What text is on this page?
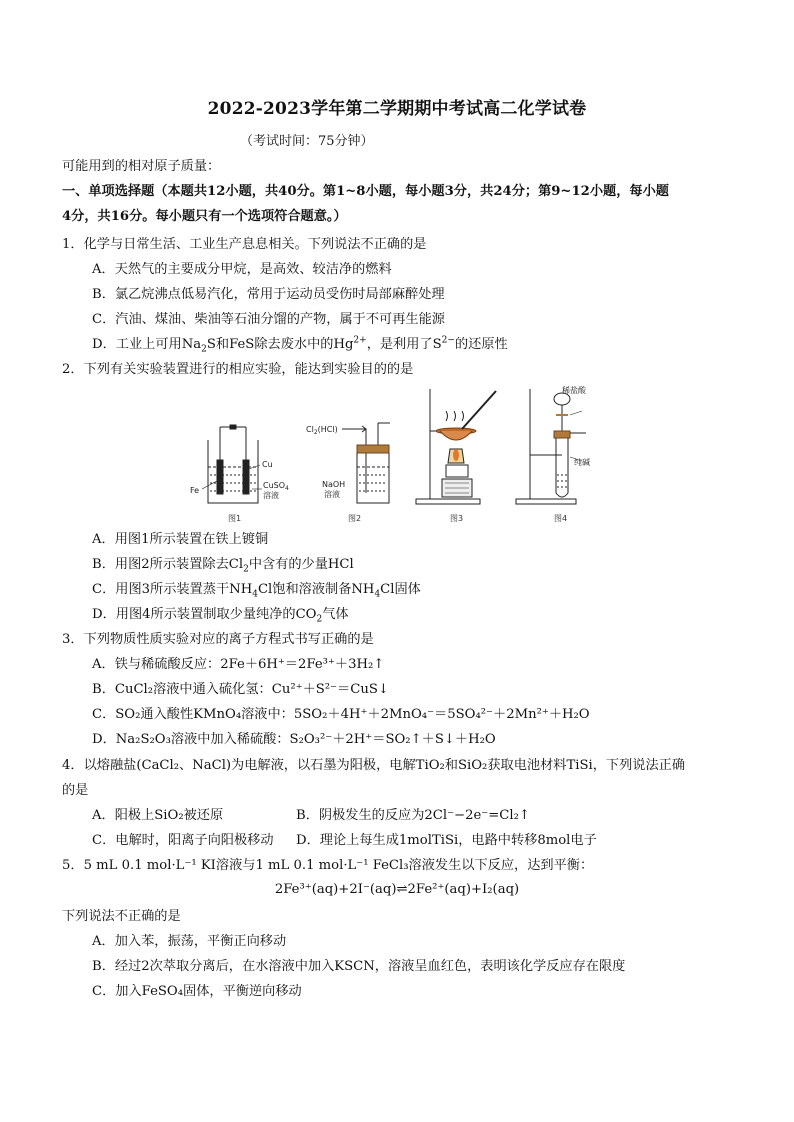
2022-2023学年第二学期期中考试高二化学试卷
（考试时间：75分钟）
可能用到的相对原子质量：
一、单项选择题（本题共12小题，共40分。第1~8小题，每小题3分，共24分；第9~12小题，每小题
4分，共16分。每小题只有一个选项符合题意。）
1．化学与日常生活、工业生产息息相关。下列说法不正确的是
A．天然气的主要成分甲烷，是高效、较洁净的燃料
B．氯乙烷沸点低易汽化，常用于运动员受伤时局部麻醉处理
C．汽油、煤油、柴油等石油分馏的产物，属于不可再生能源
D．工业上可用$Na_2S$和FeS除去废水中的$Hg^{2+}$，是利用了$S^{2-}$的还原性
2．下列有关实验装置进行的相应实验，能达到实验目的的是
Fe
Cu
CuSO$_4$
溶液
图1
$Cl_2(HCl)$
NaOH
溶液
图2	图3
稀盐酸
纯碱
图4
A．用图1所示装置在铁上镀铜
B．用图2所示装置除去$Cl_2$中含有的少量HCl
C．用图3所示装置蒸干$NH_4Cl$饱和溶液制备$NH_4Cl$固体
D．用图4所示装置制取少量纯净的$CO_2$气体
3．下列物质性质实验对应的离子方程式书写正确的是
A．铁与稀硫酸反应：2Fe＋6H⁺＝2Fe³⁺＋3H₂↑
B．CuCl₂溶液中通入硫化氢：Cu²⁺＋S²⁻＝CuS↓
C．SO₂通入酸性KMnO₄溶液中：5SO₂＋4H⁺＋2MnO₄⁻＝5SO₄²⁻＋2Mn²⁺＋H₂O
D．Na₂S₂O₃溶液中加入稀硫酸：S₂O₃²⁻＋2H⁺＝SO₂↑＋S↓＋H₂O
4．以熔融盐(CaCl₂、NaCl)为电解液，以石墨为阳极，电解TiO₂和SiO₂获取电池材料TiSi，下列说法正确
的是
A．阳极上SiO₂被还原	B．阴极发生的反应为2Cl⁻−2e⁻=Cl₂↑
C．电解时，阳离子向阳极移动 D．理论上每生成1molTiSi，电路中转移8mol电子
5．5 mL 0.1 mol·L⁻¹ KI溶液与1 mL 0.1 mol·L⁻¹ FeCl₃溶液发生以下反应，达到平衡：
2Fe³⁺(aq)+2I⁻(aq)⇌2Fe²⁺(aq)+I₂(aq)
下列说法不正确的是
A．加入苯，振荡，平衡正向移动
B．经过2次萃取分离后，在水溶液中加入KSCN，溶液呈血红色，表明该化学反应存在限度
C．加入FeSO₄固体，平衡逆向移动
